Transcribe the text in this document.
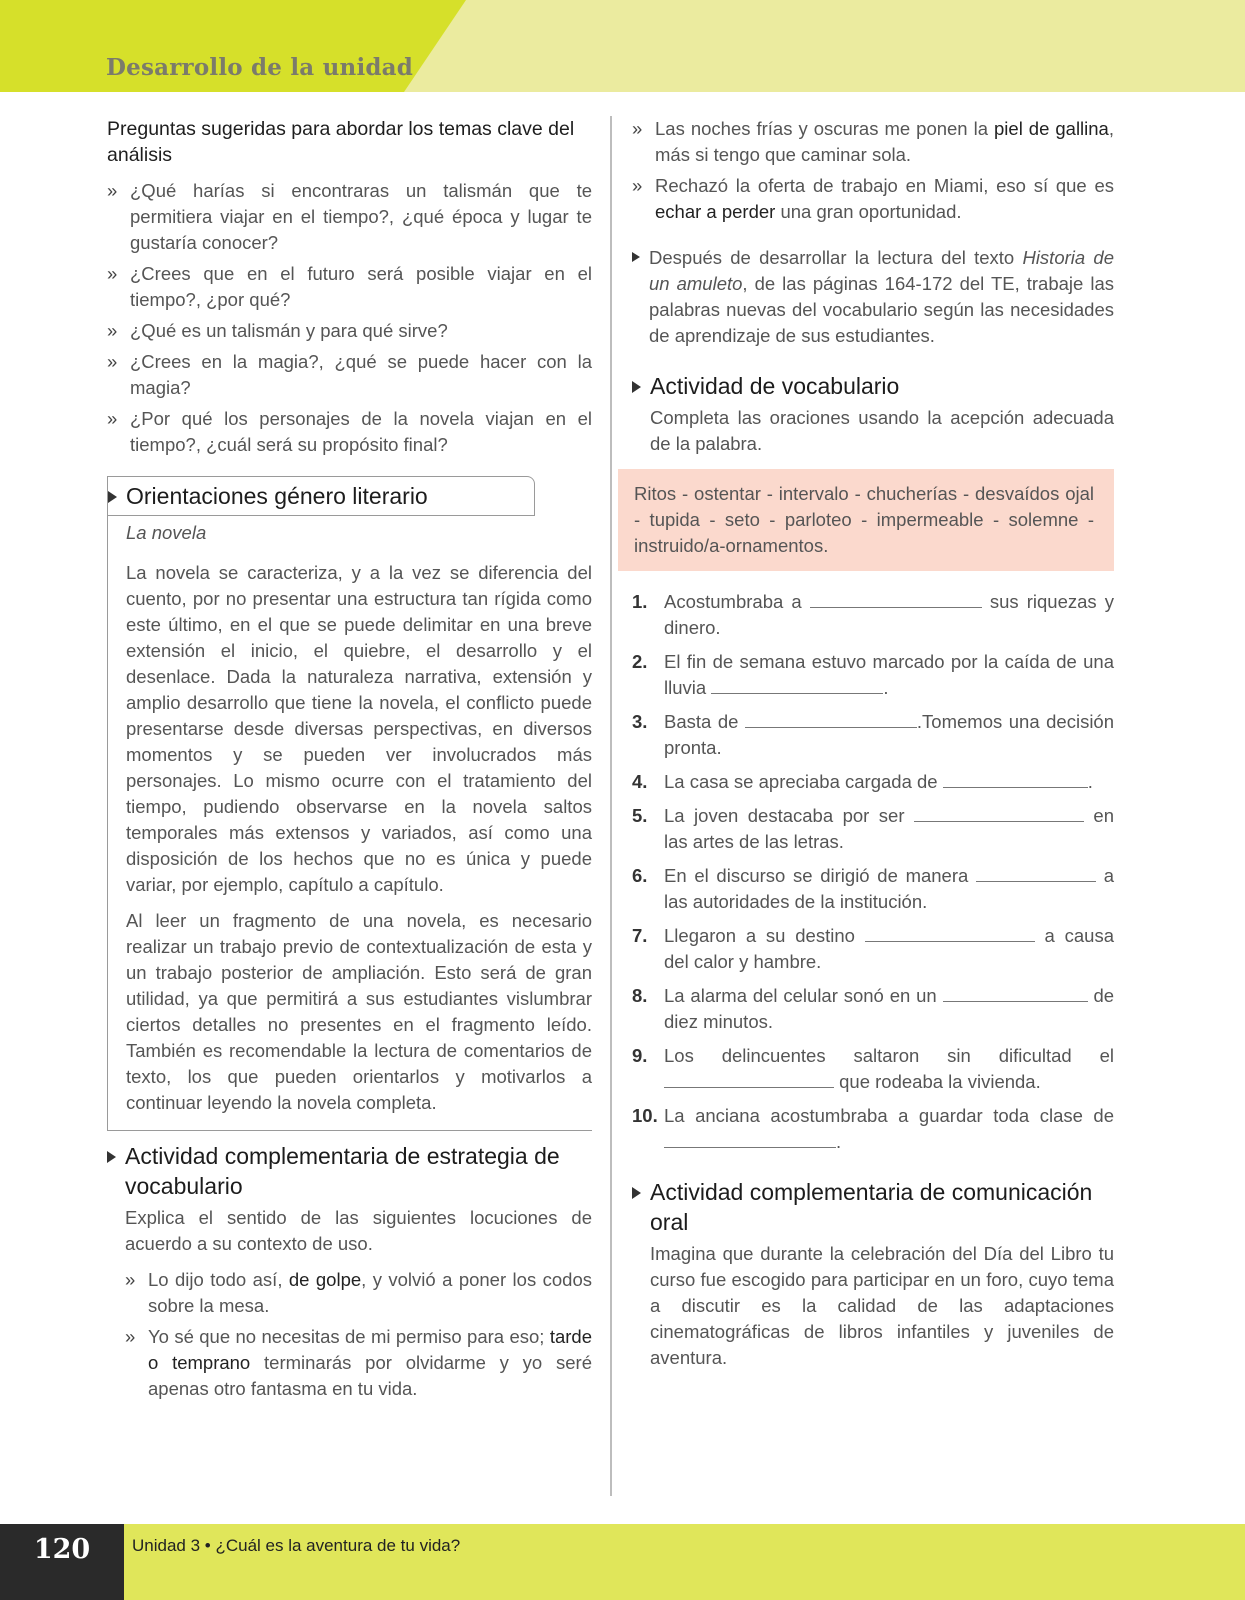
Desarrollo de la unidad

Preguntas sugeridas para abordar los temas clave del análisis

» ¿Qué harías si encontraras un talismán que te permitiera viajar en el tiempo?, ¿qué época y lugar te gustaría conocer?
» ¿Crees que en el futuro será posible viajar en el tiempo?, ¿por qué?
» ¿Qué es un talismán y para qué sirve?
» ¿Crees en la magia?, ¿qué se puede hacer con la magia?
» ¿Por qué los personajes de la novela viajan en el tiempo?, ¿cuál será su propósito final?
Orientaciones género literario

La novela

La novela se caracteriza, y a la vez se diferencia del cuento, por no presentar una estructura tan rígida como este último, en el que se puede delimitar en una breve extensión el inicio, el quiebre, el desarrollo y el desenlace. Dada la naturaleza narrativa, extensión y amplio desarrollo que tiene la novela, el conflicto puede presentarse desde diversas perspectivas, en diversos momentos y se pueden ver involucrados más personajes. Lo mismo ocurre con el tratamiento del tiempo, pudiendo observarse en la novela saltos temporales más extensos y variados, así como una disposición de los hechos que no es única y puede variar, por ejemplo, capítulo a capítulo.

Al leer un fragmento de una novela, es necesario realizar un trabajo previo de contextualización de esta y un trabajo posterior de ampliación. Esto será de gran utilidad, ya que permitirá a sus estudiantes vislumbrar ciertos detalles no presentes en el fragmento leído. También es recomendable la lectura de comentarios de texto, los que pueden orientarlos y motivarlos a continuar leyendo la novela completa.

Actividad complementaria de estrategia de vocabulario

Explica el sentido de las siguientes locuciones de acuerdo a su contexto de uso.

» Lo dijo todo así, de golpe, y volvió a poner los codos sobre la mesa.
» Yo sé que no necesitas de mi permiso para eso; tarde o temprano terminarás por olvidarme y yo seré apenas otro fantasma en tu vida.
» Las noches frías y oscuras me ponen la piel de gallina, más si tengo que caminar sola.
» Rechazó la oferta de trabajo en Miami, eso sí que es echar a perder una gran oportunidad.
Después de desarrollar la lectura del texto Historia de un amuleto, de las páginas 164-172 del TE, trabaje las palabras nuevas del vocabulario según las necesidades de aprendizaje de sus estudiantes.
Actividad de vocabulario

Completa las oraciones usando la acepción adecuada de la palabra.

Ritos - ostentar - intervalo - chucherías - desvaídos ojal - tupida - seto - parloteo - impermeable - solemne - instruido/a-ornamentos.
1. Acostumbraba a	sus riquezas y dinero.
2. El fin de semana estuvo marcado por la caída de una lluvia	.
3. Basta de	.Tomemos una decisión pronta.
4. La casa se apreciaba cargada de	.
5. La joven destacaba por ser	en las artes de las letras.
6. En el discurso se dirigió de manera	a las autoridades de la institución.
7. Llegaron a su destino	a causa del calor y hambre.
8. La alarma del celular sonó en un	de diez minutos.
9. Los delincuentes saltaron sin dificultad el  que rodeaba la vivienda.
10. La anciana acostumbraba a guardar toda clase de .
Actividad complementaria de comunicación oral

Imagina que durante la celebración del Día del Libro tu curso fue escogido para participar en un foro, cuyo tema a discutir es la calidad de las adaptaciones cinematográficas de libros infantiles y juveniles de aventura.

120	Unidad 3 • ¿Cuál es la aventura de tu vida?
